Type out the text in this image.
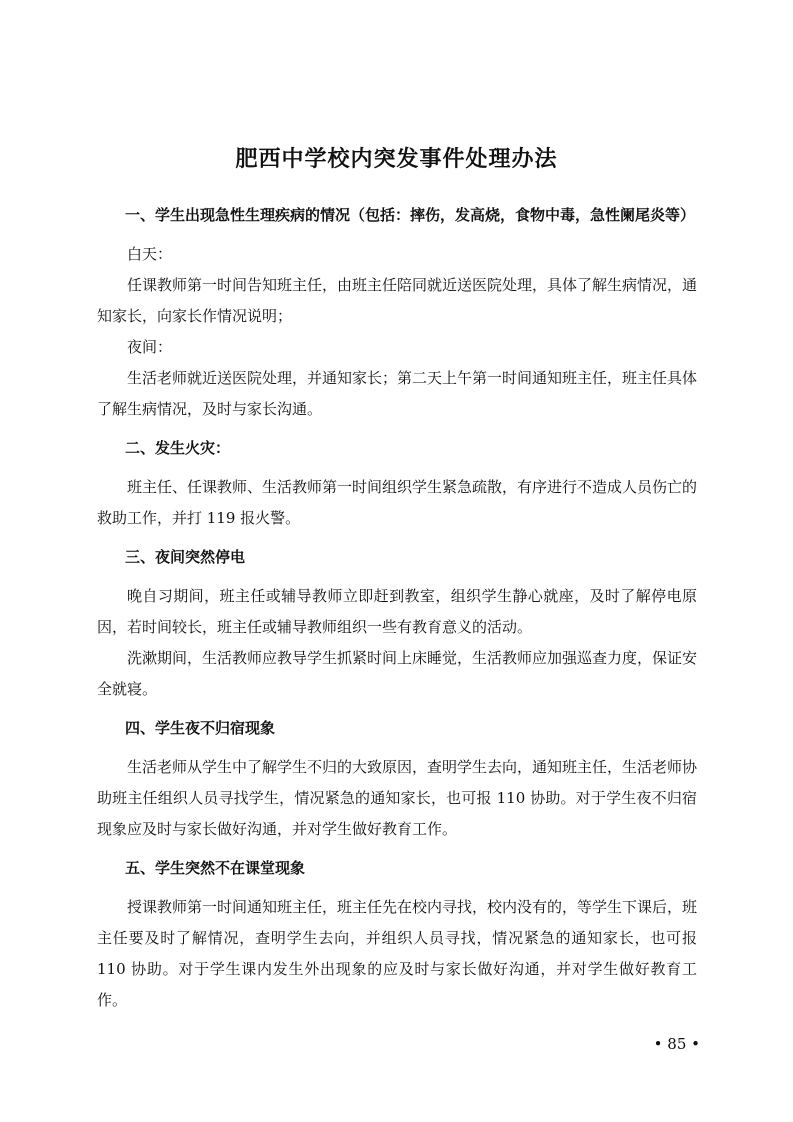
肥西中学校内突发事件处理办法

一、学生出现急性生理疾病的情况（包括：摔伤，发高烧，食物中毒，急性阑尾炎等）

白天：

任课教师第一时间告知班主任，由班主任陪同就近送医院处理，具体了解生病情况，通知家长，向家长作情况说明；

夜间：

生活老师就近送医院处理，并通知家长；第二天上午第一时间通知班主任，班主任具体了解生病情况，及时与家长沟通。

二、发生火灾：

班主任、任课教师、生活教师第一时间组织学生紧急疏散，有序进行不造成人员伤亡的救助工作，并打 119 报火警。

三、夜间突然停电

晚自习期间，班主任或辅导教师立即赶到教室，组织学生静心就座，及时了解停电原因，若时间较长，班主任或辅导教师组织一些有教育意义的活动。

洗漱期间，生活教师应教导学生抓紧时间上床睡觉，生活教师应加强巡查力度，保证安全就寝。

四、学生夜不归宿现象

生活老师从学生中了解学生不归的大致原因，查明学生去向，通知班主任，生活老师协助班主任组织人员寻找学生，情况紧急的通知家长，也可报 110 协助。对于学生夜不归宿现象应及时与家长做好沟通，并对学生做好教育工作。

五、学生突然不在课堂现象

授课教师第一时间通知班主任，班主任先在校内寻找，校内没有的，等学生下课后，班主任要及时了解情况，查明学生去向，并组织人员寻找，情况紧急的通知家长，也可报 110 协助。对于学生课内发生外出现象的应及时与家长做好沟通，并对学生做好教育工作。

• 85 •
